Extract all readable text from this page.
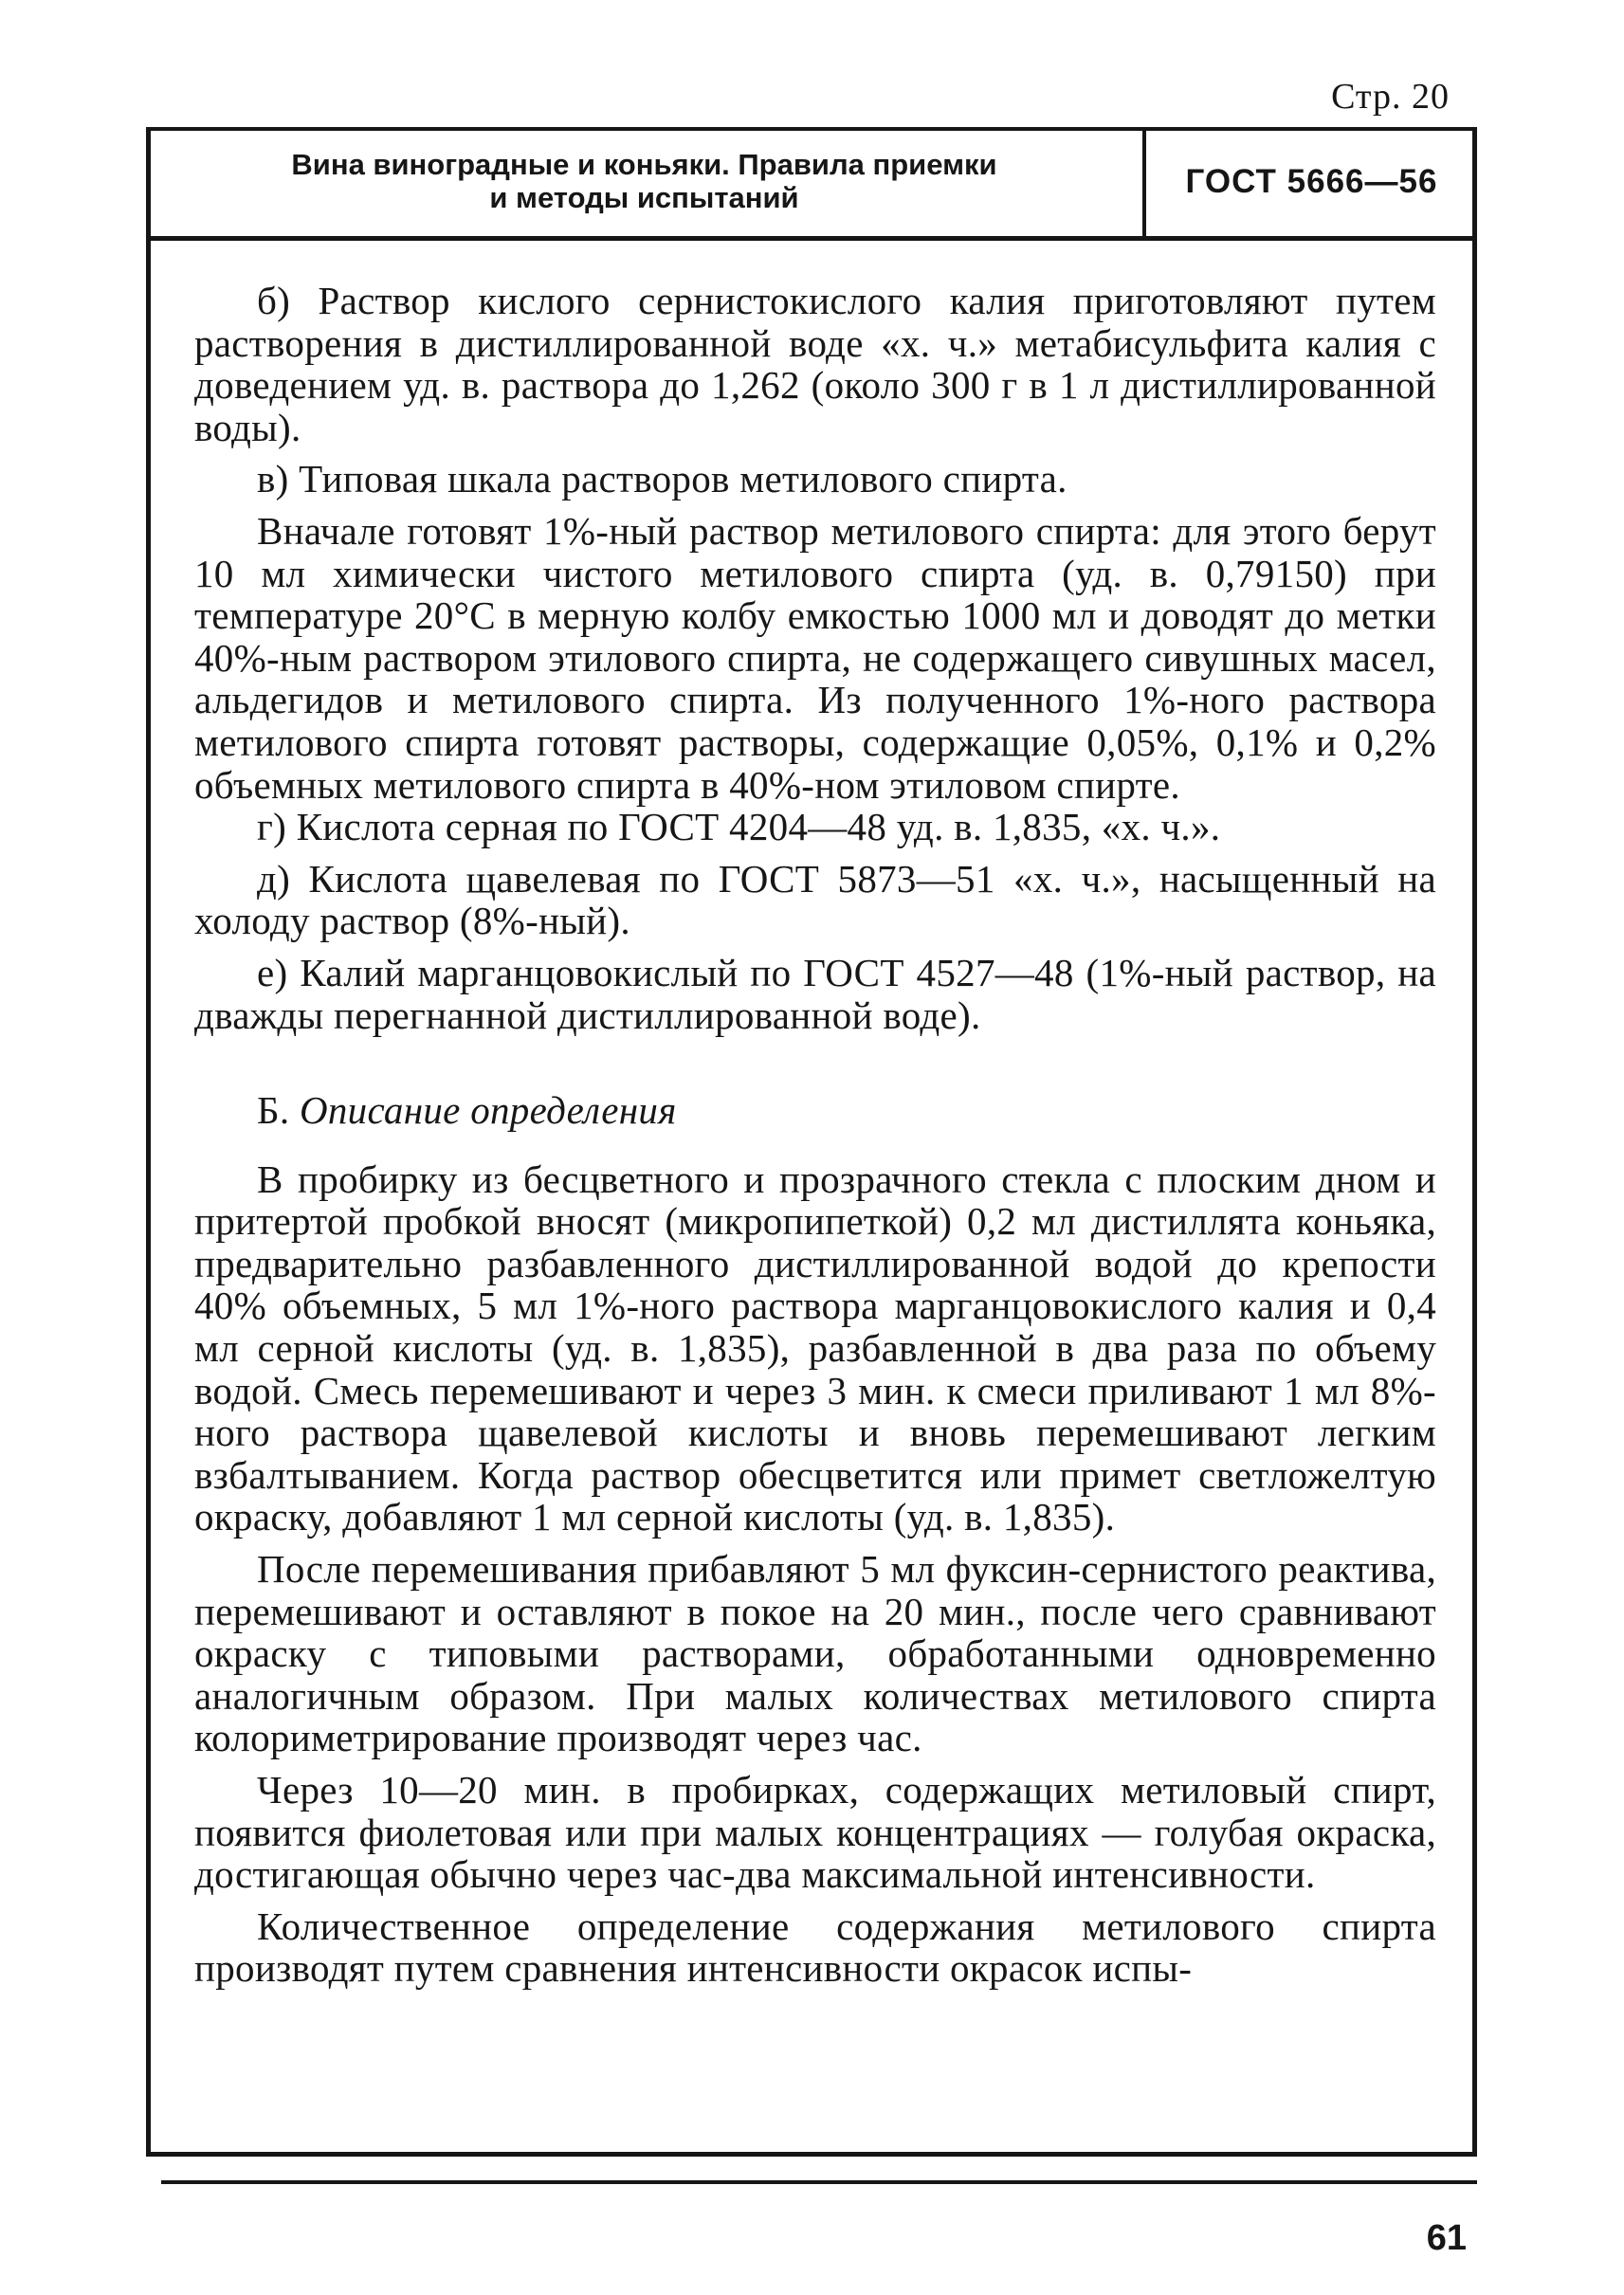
Стр. 20
Вина виноградные и коньяки. Правила приемки
и методы испытаний	ГОСТ 5666—56

б) Раствор кислого сернистокислого калия приготовляют путем растворения в дистиллированной воде «х. ч.» метабисульфита калия с доведением уд. в. раствора до 1,262 (около 300 г в 1 л дистиллированной воды).

в) Типовая шкала растворов метилового спирта.

Вначале готовят 1%-ный раствор метилового спирта: для этого берут 10 мл химически чистого метилового спирта (уд. в. 0,79150) при температуре 20°С в мерную колбу емкостью 1000 мл и доводят до метки 40%-ным раствором этилового спирта, не содержащего сивушных масел, альдегидов и метилового спирта. Из полученного 1%-ного раствора метилового спирта готовят растворы, содержащие 0,05%, 0,1% и 0,2% объемных метилового спирта в 40%-ном этиловом спирте.

г) Кислота серная по ГОСТ 4204—48 уд. в. 1,835, «х. ч.».

д) Кислота щавелевая по ГОСТ 5873—51 «х. ч.», насыщенный на холоду раствор (8%-ный).

е) Калий марганцовокислый по ГОСТ 4527—48 (1%-ный раствор, на дважды перегнанной дистиллированной воде).

Б. Описание определения

В пробирку из бесцветного и прозрачного стекла с плоским дном и притертой пробкой вносят (микропипеткой) 0,2 мл дистиллята коньяка, предварительно разбавленного дистиллированной водой до крепости 40% объемных, 5 мл 1%-ного раствора марганцовокислого калия и 0,4 мл серной кислоты (уд. в. 1,835), разбавленной в два раза по объему водой. Смесь перемешивают и через 3 мин. к смеси приливают 1 мл 8%-ного раствора щавелевой кислоты и вновь перемешивают легким взбалтыванием. Когда раствор обесцветится или примет светложелтую окраску, добавляют 1 мл серной кислоты (уд. в. 1,835).

После перемешивания прибавляют 5 мл фуксин-сернистого реактива, перемешивают и оставляют в покое на 20 мин., после чего сравнивают окраску с типовыми растворами, обработанными одновременно аналогичным образом. При малых количествах метилового спирта колориметрирование производят через час.

Через 10—20 мин. в пробирках, содержащих метиловый спирт, появится фиолетовая или при малых концентрациях — голубая окраска, достигающая обычно через час-два максимальной интенсивности.

Количественное определение содержания метилового спирта производят путем сравнения интенсивности окрасок испы-

61
